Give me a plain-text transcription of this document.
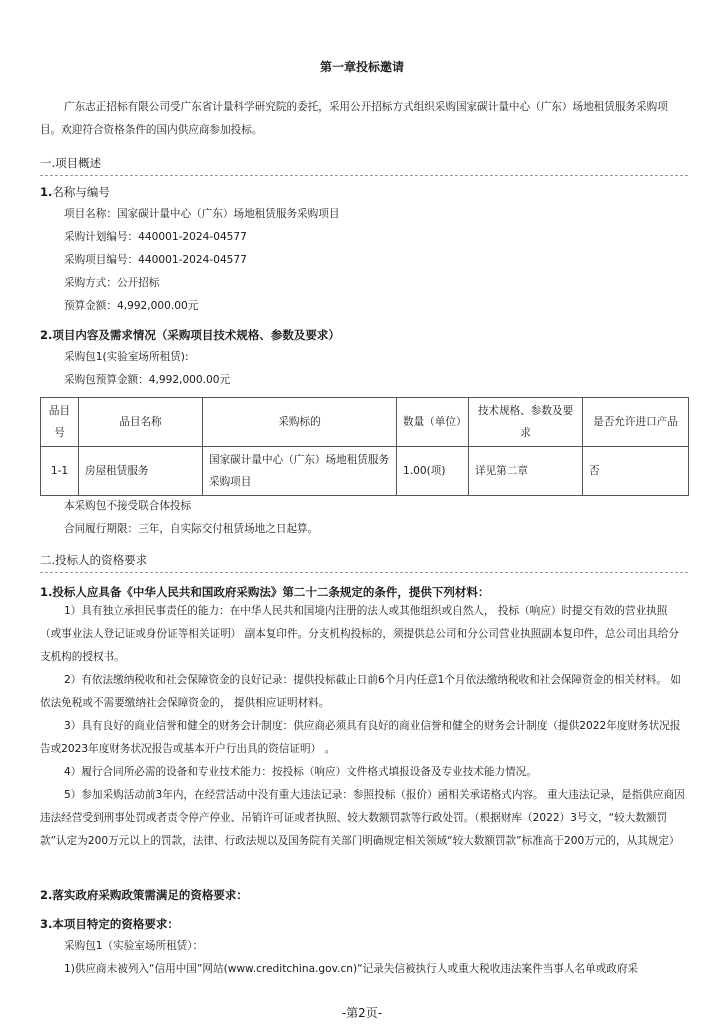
第一章投标邀请
广东志正招标有限公司受广东省计量科学研究院的委托，采用公开招标方式组织采购国家碳计量中心（广东）场地租赁服务采购项目。欢迎符合资格条件的国内供应商参加投标。
一.项目概述
1.名称与编号
项目名称：国家碳计量中心（广东）场地租赁服务采购项目
采购计划编号：440001-2024-04577
采购项目编号：440001-2024-04577
采购方式：公开招标
预算金额：4,992,000.00元
2.项目内容及需求情况（采购项目技术规格、参数及要求）
采购包1(实验室场所租赁):
采购包预算金额：4,992,000.00元
品目号	品目名称	采购标的	数量（单位）	技术规格、参数及要求	是否允许进口产品
1-1	房屋租赁服务	国家碳计量中心（广东）场地租赁服务采购项目	1.00(项)	详见第二章	否
本采购包不接受联合体投标
合同履行期限：三年，自实际交付租赁场地之日起算。
二.投标人的资格要求
1.投标人应具备《中华人民共和国政府采购法》第二十二条规定的条件，提供下列材料：
1）具有独立承担民事责任的能力：在中华人民共和国境内注册的法人或其他组织或自然人， 投标（响应）时提交有效的营业执照（或事业法人登记证或身份证等相关证明） 副本复印件。分支机构投标的，须提供总公司和分公司营业执照副本复印件，总公司出具给分支机构的授权书。
2）有依法缴纳税收和社会保障资金的良好记录：提供投标截止日前6个月内任意1个月依法缴纳税收和社会保障资金的相关材料。 如依法免税或不需要缴纳社会保障资金的， 提供相应证明材料。
3）具有良好的商业信誉和健全的财务会计制度：供应商必须具有良好的商业信誉和健全的财务会计制度（提供2022年度财务状况报告或2023年度财务状况报告或基本开户行出具的资信证明） 。
4）履行合同所必需的设备和专业技术能力：按投标（响应）文件格式填报设备及专业技术能力情况。
5）参加采购活动前3年内，在经营活动中没有重大违法记录：参照投标（报价）函相关承诺格式内容。 重大违法记录，是指供应商因违法经营受到刑事处罚或者责令停产停业、吊销许可证或者执照、较大数额罚款等行政处罚。（根据财库（2022）3号文，“较大数额罚款”认定为200万元以上的罚款，法律、行政法规以及国务院有关部门明确规定相关领域“较大数额罚款”标准高于200万元的，从其规定）
2.落实政府采购政策需满足的资格要求：
3.本项目特定的资格要求：
采购包1（实验室场所租赁）：
1)供应商未被列入“信用中国”网站(www.creditchina.gov.cn)“记录失信被执行人或重大税收违法案件当事人名单或政府采
-第2页-
